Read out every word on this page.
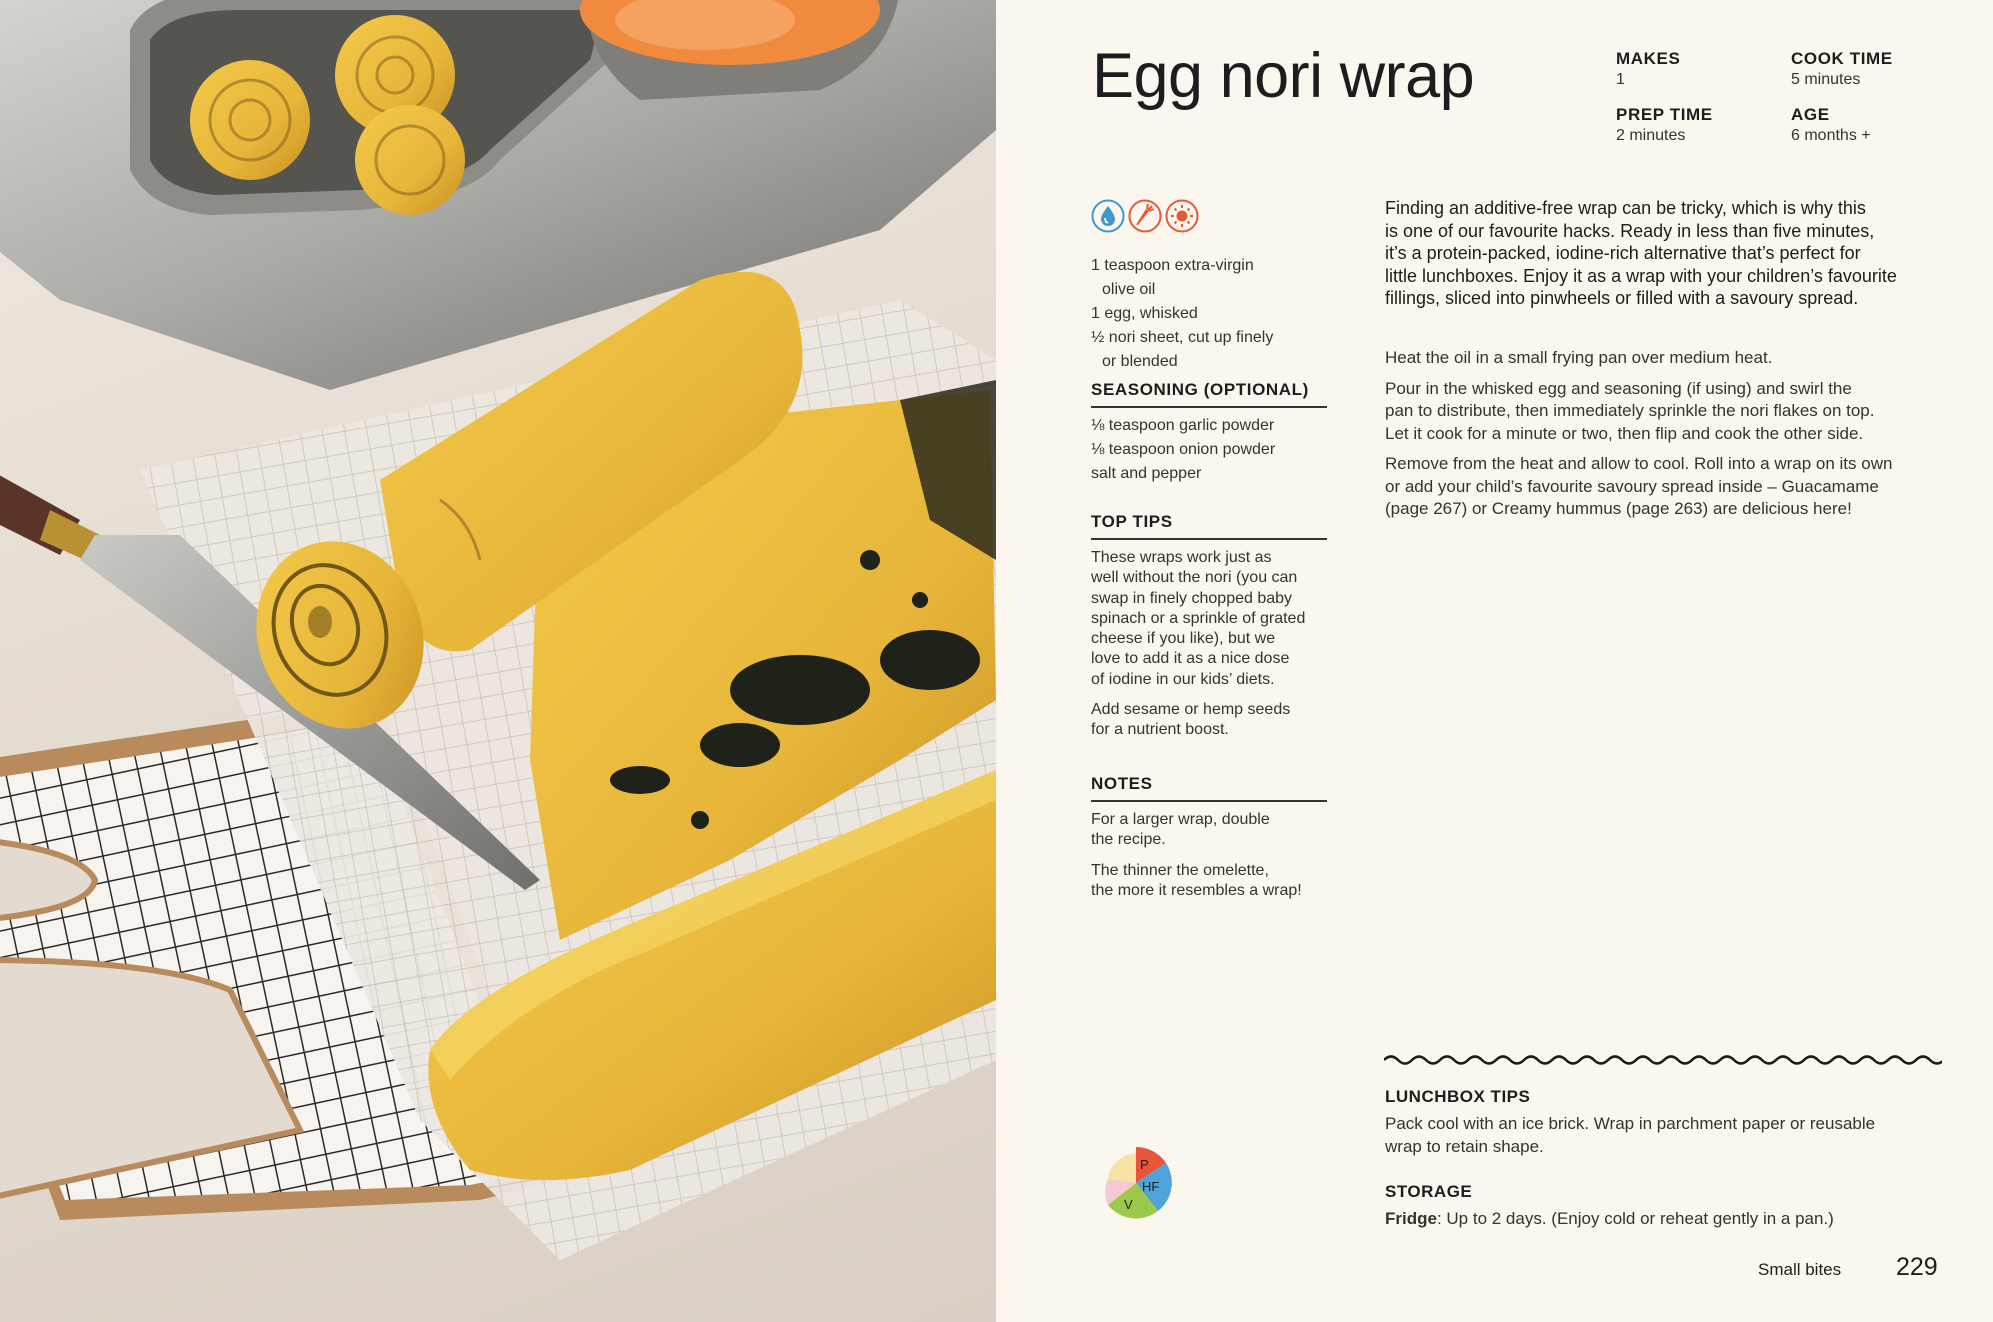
Egg nori wrap	MAKES
1
COOK TIME
5 minutes
PREP TIME
2 minutes
AGE
6 months +
1 teaspoon extra-virgin
olive oil
1 egg, whisked
½ nori sheet, cut up finely
or blended
SEASONING (OPTIONAL)
⅛ teaspoon garlic powder
⅛ teaspoon onion powder
salt and pepper
TOP TIPS
These wraps work just as
well without the nori (you can
swap in finely chopped baby
spinach or a sprinkle of grated
cheese if you like), but we
love to add it as a nice dose
of iodine in our kids’ diets.
Add sesame or hemp seeds
for a nutrient boost.
NOTES
For a larger wrap, double
the recipe.
The thinner the omelette,
the more it resembles a wrap!
Finding an additive-free wrap can be tricky, which is why this
is one of our favourite hacks. Ready in less than five minutes,
it’s a protein-packed, iodine-rich alternative that’s perfect for
little lunchboxes. Enjoy it as a wrap with your children’s favourite
fillings, sliced into pinwheels or filled with a savoury spread.

Heat the oil in a small frying pan over medium heat.

Pour in the whisked egg and seasoning (if using) and swirl the
pan to distribute, then immediately sprinkle the nori flakes on top.
Let it cook for a minute or two, then flip and cook the other side.

Remove from the heat and allow to cool. Roll into a wrap on its own
or add your child’s favourite savoury spread inside – Guacamame
(page 267) or Creamy hummus (page 263) are delicious here!

LUNCHBOX TIPS
Pack cool with an ice brick. Wrap in parchment paper or reusable
wrap to retain shape.
STORAGE
Fridge: Up to 2 days. (Enjoy cold or reheat gently in a pan.)
P
HF
V
Small bites 229
